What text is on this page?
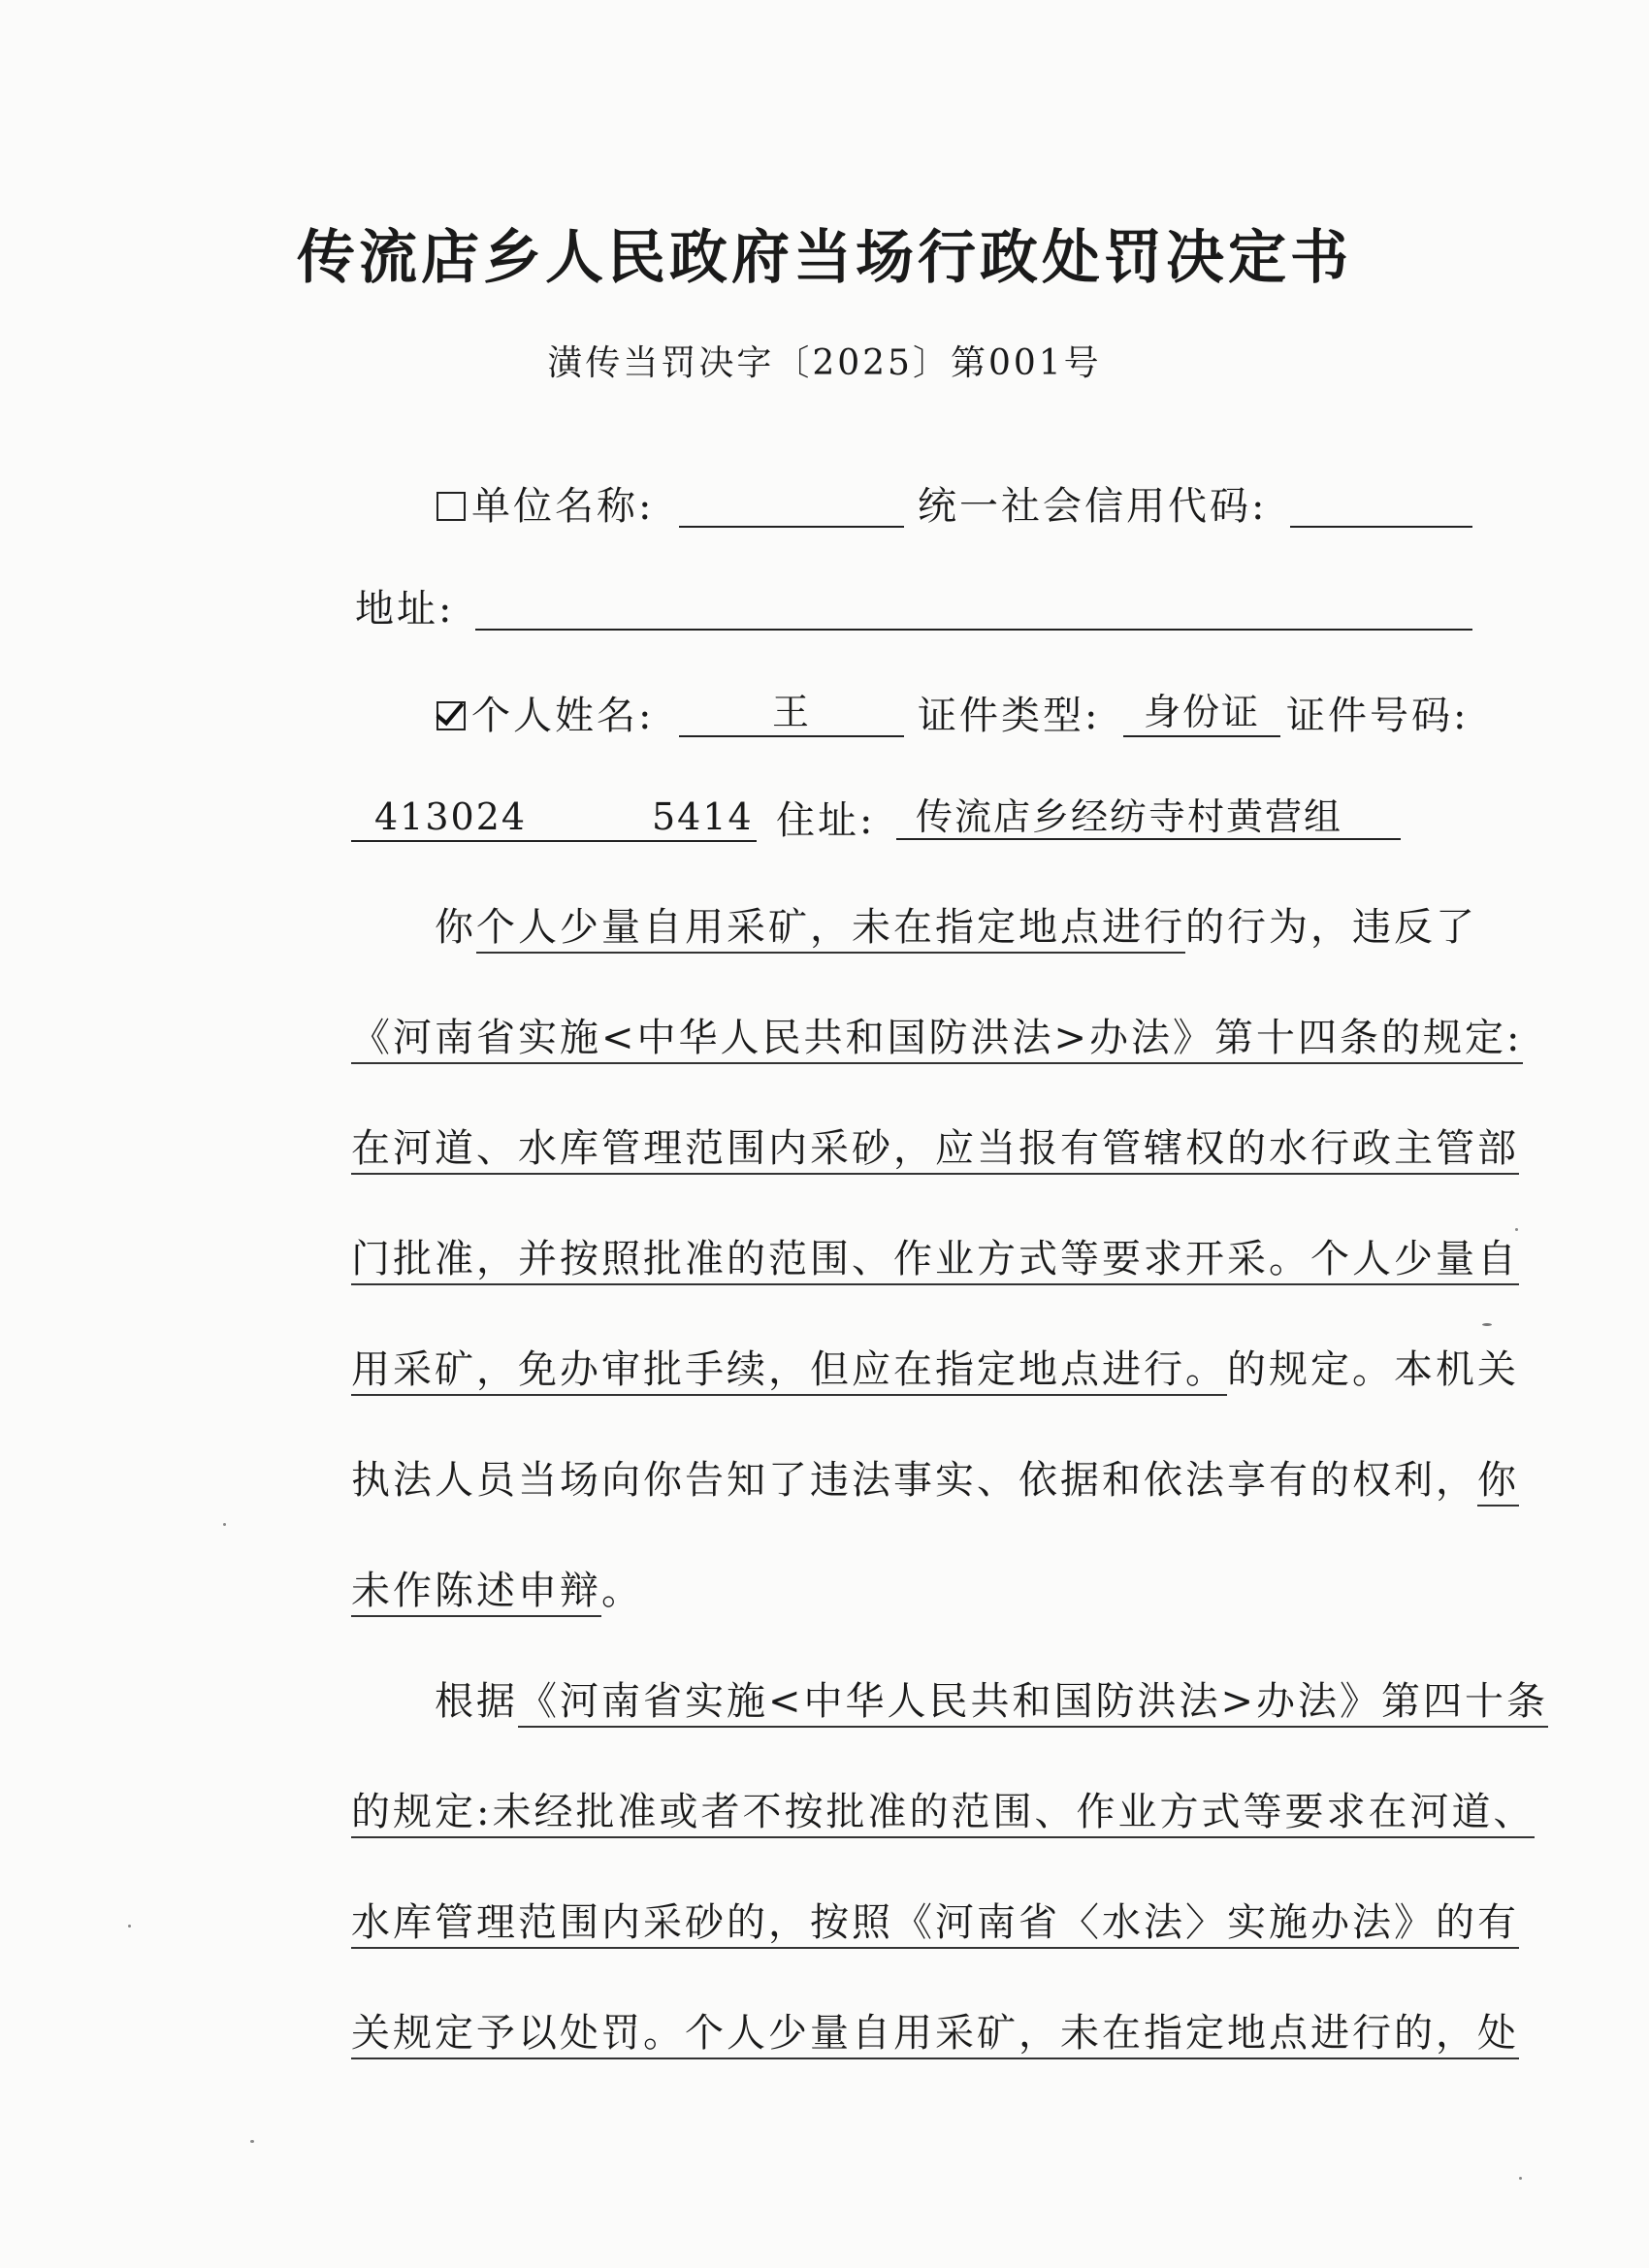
传流店乡人民政府当场行政处罚决定书
潢传当罚决字〔2025〕第001号
单位名称:	统一社会信用代码:
地址:
个人姓名:	王	证件类型:	身份证 证件号码:
413024	5414 住址:	传流店乡经纺寺村黄营组
你个人少量自用采矿，未在指定地点进行的行为，违反了
《河南省实施<中华人民共和国防洪法>办法》第十四条的规定:
在河道、水库管理范围内采砂，应当报有管辖权的水行政主管部
门批准，并按照批准的范围、作业方式等要求开采。个人少量自
用采矿，免办审批手续，但应在指定地点进行。的规定。本机关
执法人员当场向你告知了违法事实、依据和依法享有的权利，你
未作陈述申辩。
根据《河南省实施<中华人民共和国防洪法>办法》第四十条
的规定:未经批准或者不按批准的范围、作业方式等要求在河道、
水库管理范围内采砂的，按照《河南省〈水法〉实施办法》的有
关规定予以处罚。个人少量自用采矿，未在指定地点进行的，处
